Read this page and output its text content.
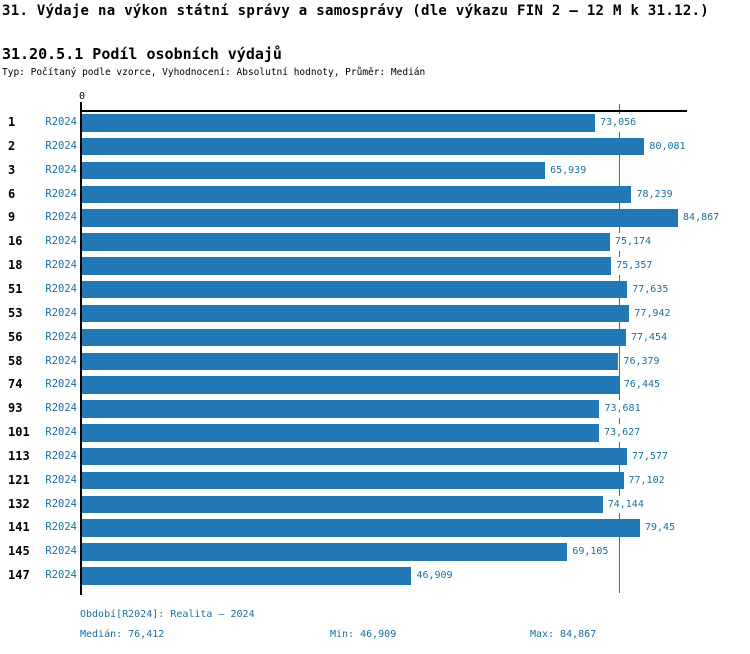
31. Výdaje na výkon státní správy a samosprávy (dle výkazu FIN 2 – 12 M k 31.12.)
31.20.5.1 Podíl osobních výdajů
Typ: Počítaný podle vzorce, Vyhodnocení: Absolutní hodnoty, Průměr: Medián
0
1	R2024	73,056
2	R2024	80,081
3	R2024	65,939
6	R2024	78,239
9	R2024	84,867
16 R2024	75,174
18 R2024	75,357
51 R2024	77,635
53 R2024	77,942
56 R2024	77,454
58 R2024	76,379
74 R2024	76,445
93 R2024	73,681
101 R2024	73,627
113 R2024	77,577
121 R2024	77,102
132 R2024	74,144
141 R2024	79,45
145 R2024	69,105
147 R2024	46,909
Období[R2024]: Realita – 2024
Medián: 76,412	Min: 46,909	Max: 84,867
